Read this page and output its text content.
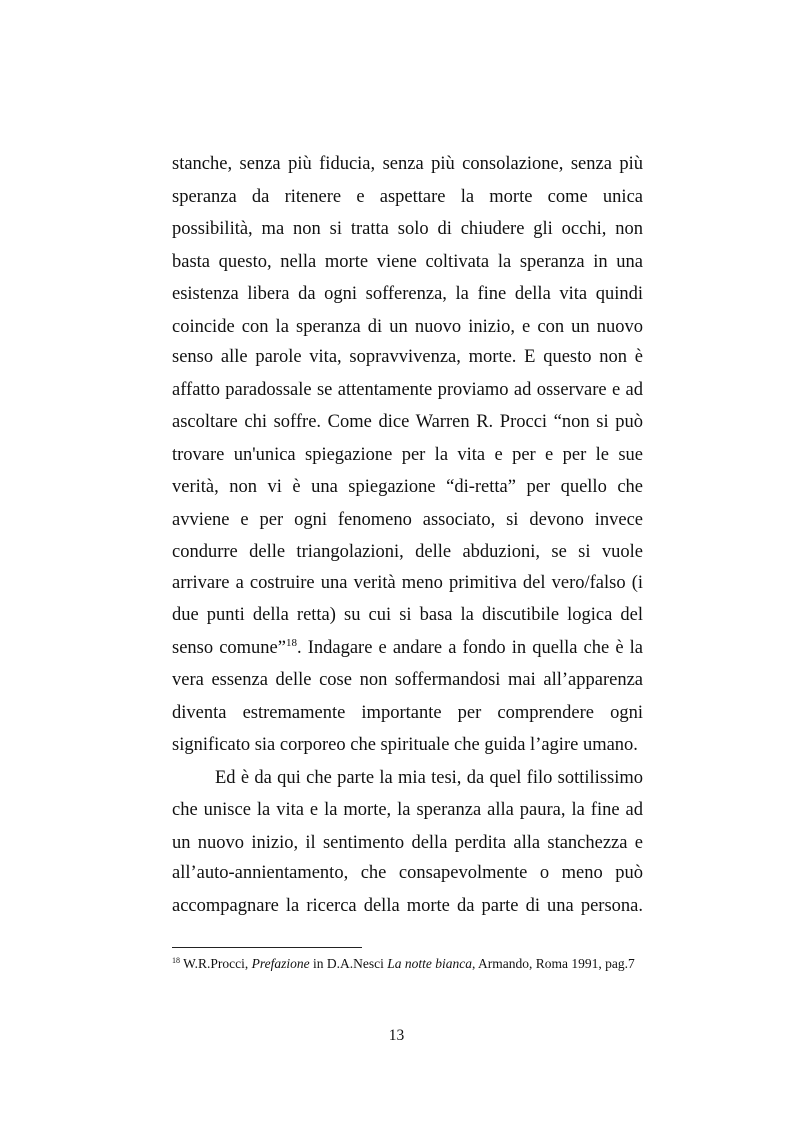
stanche, senza più fiducia, senza più consolazione, senza più
speranza da ritenere e aspettare la morte come unica
possibilità, ma non si tratta solo di chiudere gli occhi, non
basta questo, nella morte viene coltivata la speranza in una
esistenza libera da ogni sofferenza, la fine della vita quindi
coincide con la speranza di un nuovo inizio, e con un nuovo
senso alle parole vita, sopravvivenza, morte. E questo non è
affatto paradossale se attentamente proviamo ad osservare e ad
ascoltare chi soffre. Come dice Warren R. Procci “non si può
trovare un'unica spiegazione per la vita e per e per le sue
verità, non vi è una spiegazione “di-retta” per quello che
avviene e per ogni fenomeno associato, si devono invece
condurre delle triangolazioni, delle abduzioni, se si vuole
arrivare a costruire una verità meno primitiva del vero/falso (i
due punti della retta) su cui si basa la discutibile logica del
senso comune”$^{18}$. Indagare e andare a fondo in quella che è la
vera essenza delle cose non soffermandosi mai all’apparenza
diventa estremamente importante per comprendere ogni
significato sia corporeo che spirituale che guida l’agire umano.
Ed è da qui che parte la mia tesi, da quel filo sottilissimo
che unisce la vita e la morte, la speranza alla paura, la fine ad
un nuovo inizio, il sentimento della perdita alla stanchezza e
all’auto-annientamento, che consapevolmente o meno può
accompagnare la ricerca della morte da parte di una persona.
$^{18}$ W.R.Procci, Prefazione in D.A.Nesci La notte bianca, Armando, Roma 1991, pag.7
13
